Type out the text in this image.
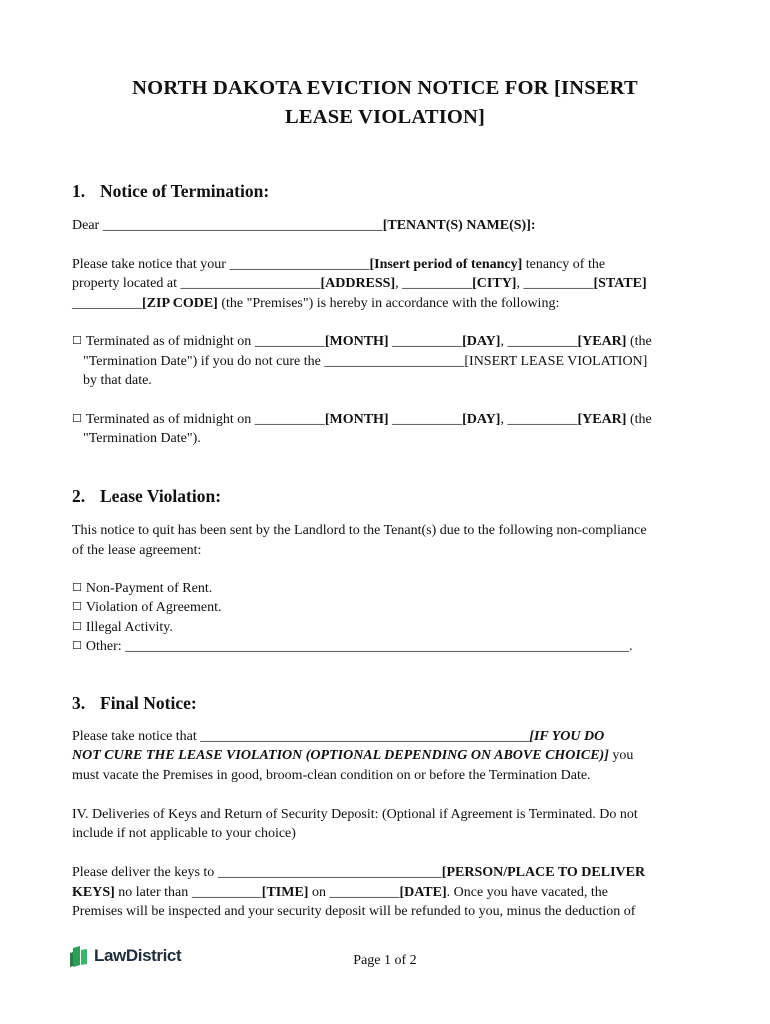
NORTH DAKOTA EVICTION NOTICE FOR [INSERT
LEASE VIOLATION]
1. Notice of Termination:
Dear ________________________________________[TENANT(S) NAME(S)]:
Please take notice that your ____________________[Insert period of tenancy] tenancy of the
property located at ____________________[ADDRESS], __________[CITY], __________[STATE]
__________[ZIP CODE] (the "Premises") is hereby in accordance with the following:
☐ Terminated as of midnight on __________[MONTH] __________[DAY], __________[YEAR] (the
"Termination Date") if you do not cure the ____________________[INSERT LEASE VIOLATION]
by that date.
☐ Terminated as of midnight on __________[MONTH] __________[DAY], __________[YEAR] (the
"Termination Date").
2. Lease Violation:
This notice to quit has been sent by the Landlord to the Tenant(s) due to the following non-compliance
of the lease agreement:
☐ Non-Payment of Rent.
☐ Violation of Agreement.
☐ Illegal Activity.
☐ Other: ________________________________________________________________________.
3. Final Notice:
Please take notice that _______________________________________________[IF YOU DO
NOT CURE THE LEASE VIOLATION (OPTIONAL DEPENDING ON ABOVE CHOICE)] you
must vacate the Premises in good, broom-clean condition on or before the Termination Date.
IV. Deliveries of Keys and Return of Security Deposit: (Optional if Agreement is Terminated. Do not
include if not applicable to your choice)
Please deliver the keys to ________________________________[PERSON/PLACE TO DELIVER
KEYS] no later than __________[TIME] on __________[DATE]. Once you have vacated, the
Premises will be inspected and your security deposit will be refunded to you, minus the deduction of
LawDistrict	Page 1 of 2
